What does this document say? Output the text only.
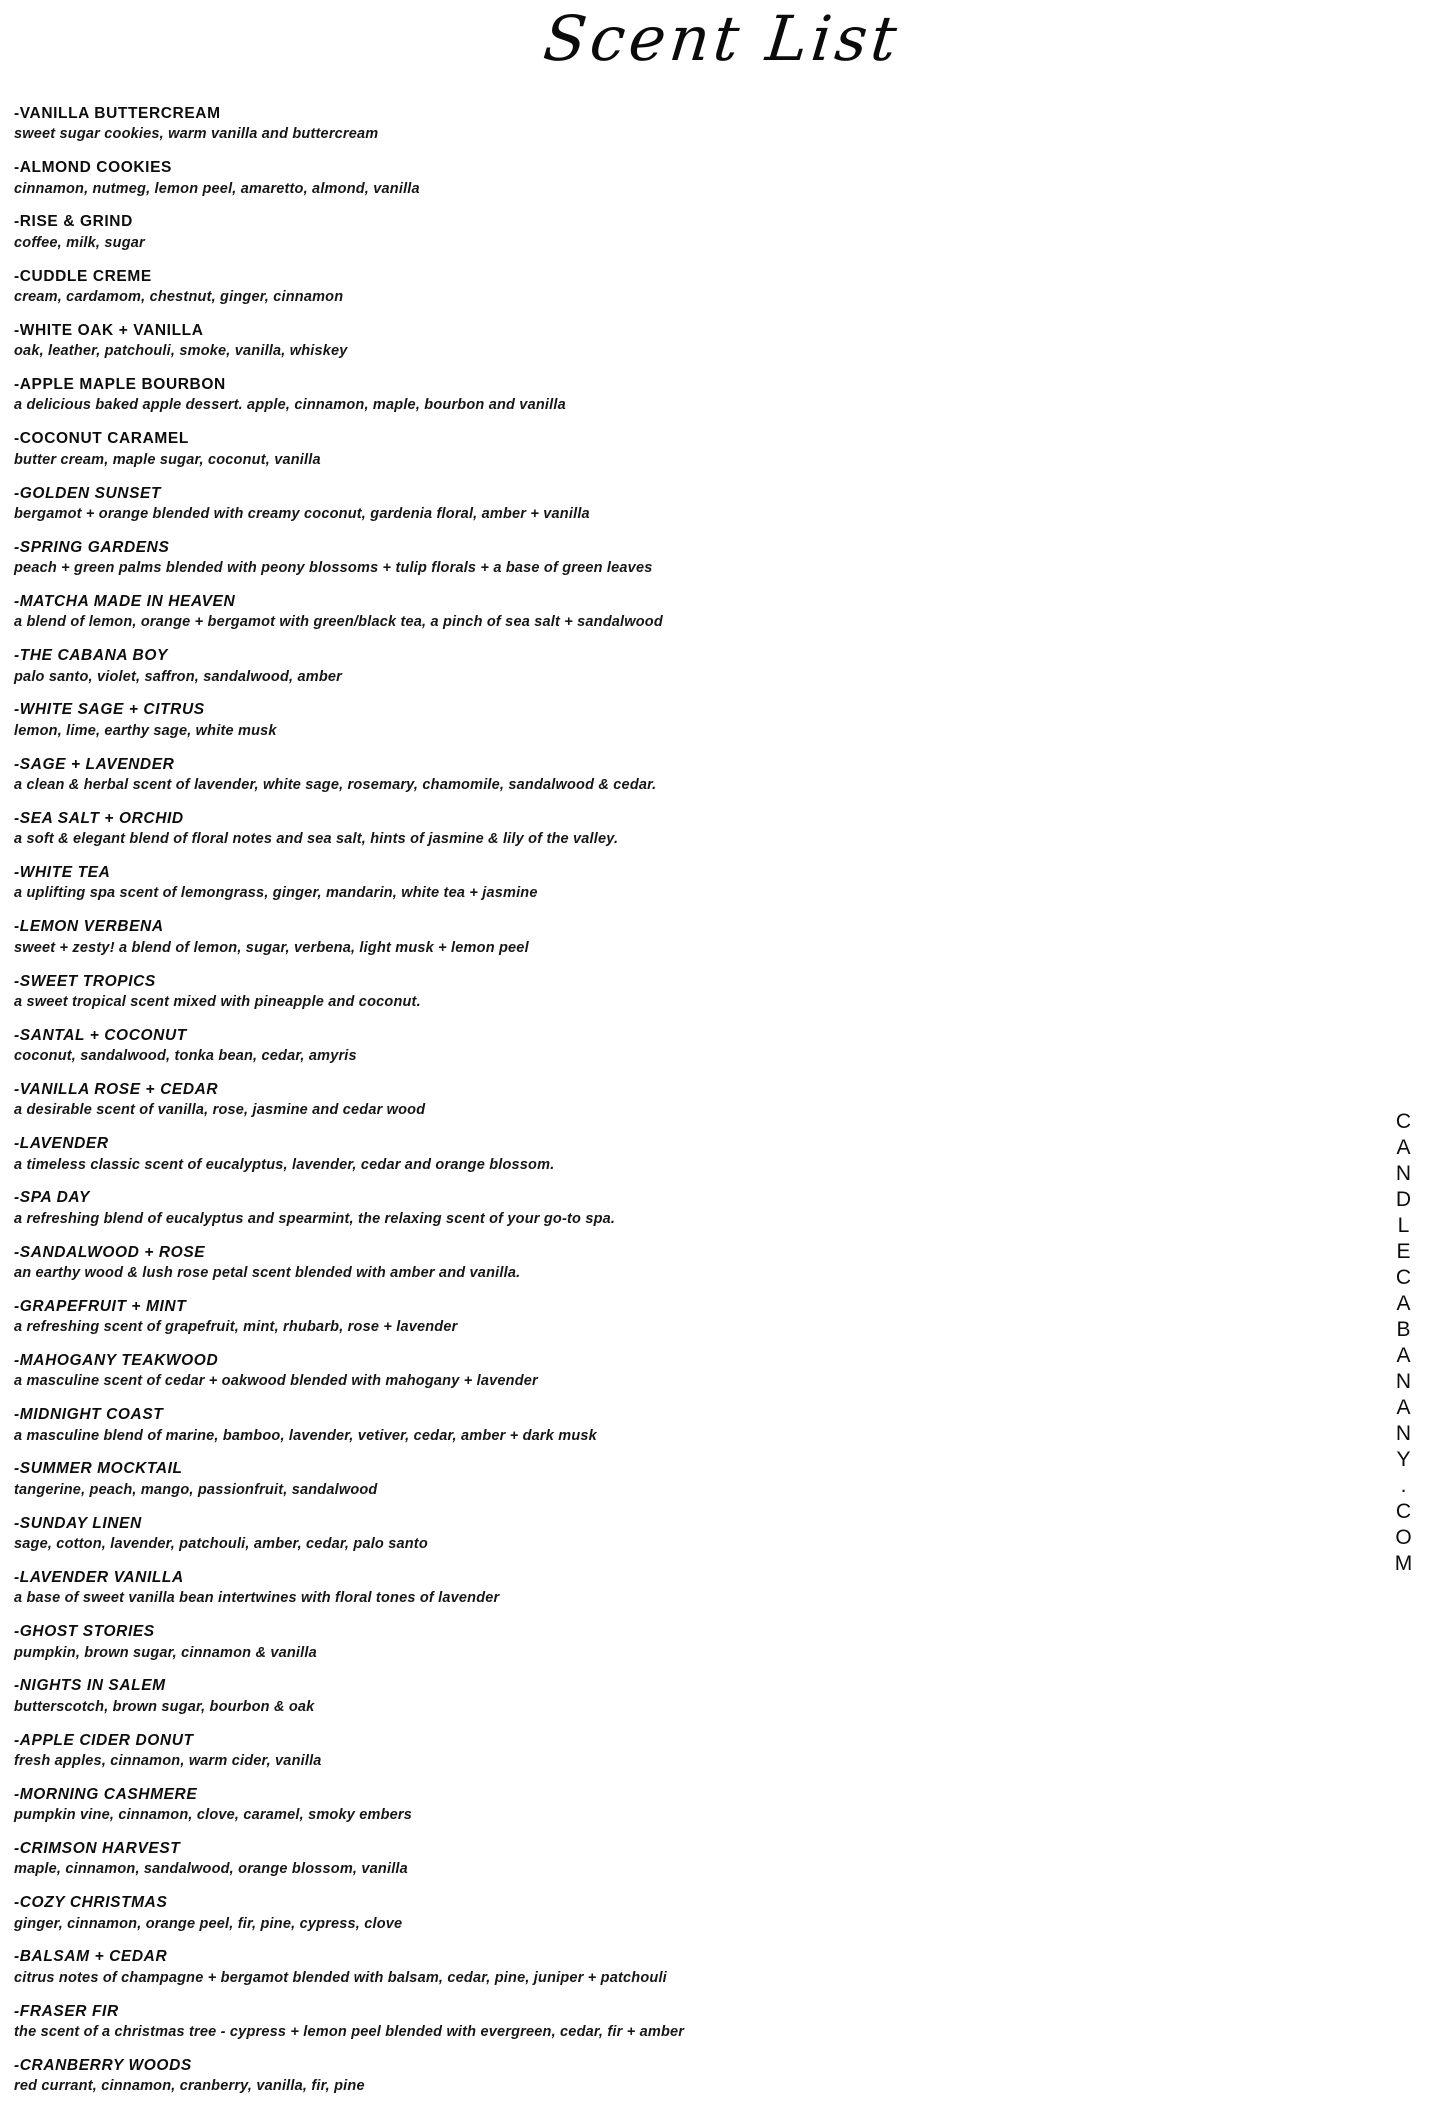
Scent List
-VANILLA BUTTERCREAM
sweet sugar cookies, warm vanilla and buttercream
-ALMOND COOKIES
cinnamon, nutmeg, lemon peel, amaretto, almond, vanilla
-RISE & GRIND
coffee, milk, sugar
-CUDDLE CREME
cream, cardamom, chestnut, ginger, cinnamon
-WHITE OAK + VANILLA
oak, leather, patchouli, smoke, vanilla, whiskey
-APPLE MAPLE BOURBON
a delicious baked apple dessert. apple, cinnamon, maple, bourbon and vanilla
-COCONUT CARAMEL
butter cream, maple sugar, coconut, vanilla
-GOLDEN SUNSET
bergamot + orange blended with creamy coconut, gardenia floral, amber + vanilla
-SPRING GARDENS
peach + green palms blended with peony blossoms + tulip florals + a base of green leaves
-MATCHA MADE IN HEAVEN
a blend of lemon, orange + bergamot with green/black tea, a pinch of sea salt + sandalwood
-THE CABANA BOY
palo santo, violet, saffron, sandalwood, amber
-WHITE SAGE + CITRUS
lemon, lime, earthy sage, white musk
-SAGE + LAVENDER
a clean & herbal scent of lavender, white sage, rosemary, chamomile, sandalwood & cedar.
-SEA SALT + ORCHID
a soft & elegant blend of floral notes and sea salt, hints of jasmine & lily of the valley.
-WHITE TEA
a uplifting spa scent of lemongrass, ginger, mandarin, white tea + jasmine
-LEMON VERBENA
sweet + zesty! a blend of lemon, sugar, verbena, light musk + lemon peel
-SWEET TROPICS
a sweet tropical scent mixed with pineapple and coconut.
-SANTAL + COCONUT
coconut, sandalwood, tonka bean, cedar, amyris
-VANILLA ROSE + CEDAR
a desirable scent of vanilla, rose, jasmine and cedar wood
-LAVENDER
a timeless classic scent of eucalyptus, lavender, cedar and orange blossom.
-SPA DAY
a refreshing blend of eucalyptus and spearmint, the relaxing scent of your go-to spa.
-SANDALWOOD + ROSE
an earthy wood & lush rose petal scent blended with amber and vanilla.
-GRAPEFRUIT + MINT
a refreshing scent of grapefruit, mint, rhubarb, rose + lavender
-MAHOGANY TEAKWOOD
a masculine scent of cedar + oakwood blended with mahogany + lavender
-MIDNIGHT COAST
a masculine blend of marine, bamboo, lavender, vetiver, cedar, amber + dark musk
-SUMMER MOCKTAIL
tangerine, peach, mango, passionfruit, sandalwood
-SUNDAY LINEN
sage, cotton, lavender, patchouli, amber, cedar, palo santo
-LAVENDER VANILLA
a base of sweet vanilla bean intertwines with floral tones of lavender
-GHOST STORIES
pumpkin, brown sugar, cinnamon & vanilla
-NIGHTS IN SALEM
butterscotch, brown sugar, bourbon & oak
-APPLE CIDER DONUT
fresh apples, cinnamon, warm cider, vanilla
-MORNING CASHMERE
pumpkin vine, cinnamon, clove, caramel, smoky embers
-CRIMSON HARVEST
maple, cinnamon, sandalwood, orange blossom, vanilla
-COZY CHRISTMAS
ginger, cinnamon, orange peel, fir, pine, cypress, clove
-BALSAM + CEDAR
citrus notes of champagne + bergamot blended with balsam, cedar, pine, juniper + patchouli
-FRASER FIR
the scent of a christmas tree - cypress + lemon peel blended with evergreen, cedar, fir + amber
-CRANBERRY WOODS
red currant, cinnamon, cranberry, vanilla, fir, pine
CANDLECABANANY.COM
